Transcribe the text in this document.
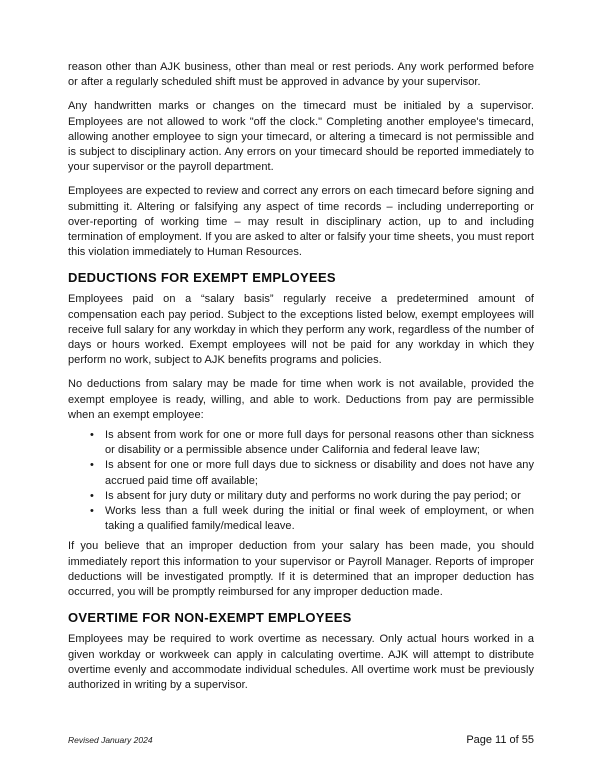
reason other than AJK business, other than meal or rest periods. Any work performed before or after a regularly scheduled shift must be approved in advance by your supervisor.

Any handwritten marks or changes on the timecard must be initialed by a supervisor. Employees are not allowed to work "off the clock." Completing another employee's timecard, allowing another employee to sign your timecard, or altering a timecard is not permissible and is subject to disciplinary action. Any errors on your timecard should be reported immediately to your supervisor or the payroll department.

Employees are expected to review and correct any errors on each timecard before signing and submitting it. Altering or falsifying any aspect of time records – including underreporting or over-reporting of working time – may result in disciplinary action, up to and including termination of employment. If you are asked to alter or falsify your time sheets, you must report this violation immediately to Human Resources.

DEDUCTIONS FOR EXEMPT EMPLOYEES

Employees paid on a “salary basis” regularly receive a predetermined amount of compensation each pay period. Subject to the exceptions listed below, exempt employees will receive full salary for any workday in which they perform any work, regardless of the number of days or hours worked. Exempt employees will not be paid for any workday in which they perform no work, subject to AJK benefits programs and policies.

No deductions from salary may be made for time when work is not available, provided the exempt employee is ready, willing, and able to work. Deductions from pay are permissible when an exempt employee:

• Is absent from work for one or more full days for personal reasons other than sickness or disability or a permissible absence under California and federal leave law;
• Is absent for one or more full days due to sickness or disability and does not have any accrued paid time off available;
• Is absent for jury duty or military duty and performs no work during the pay period; or
• Works less than a full week during the initial or final week of employment, or when taking a qualified family/medical leave.

If you believe that an improper deduction from your salary has been made, you should immediately report this information to your supervisor or Payroll Manager. Reports of improper deductions will be investigated promptly. If it is determined that an improper deduction has occurred, you will be promptly reimbursed for any improper deduction made.

OVERTIME FOR NON-EXEMPT EMPLOYEES

Employees may be required to work overtime as necessary. Only actual hours worked in a given workday or workweek can apply in calculating overtime. AJK will attempt to distribute overtime evenly and accommodate individual schedules. All overtime work must be previously authorized in writing by a supervisor.

Revised January 2024	Page 11 of 55
